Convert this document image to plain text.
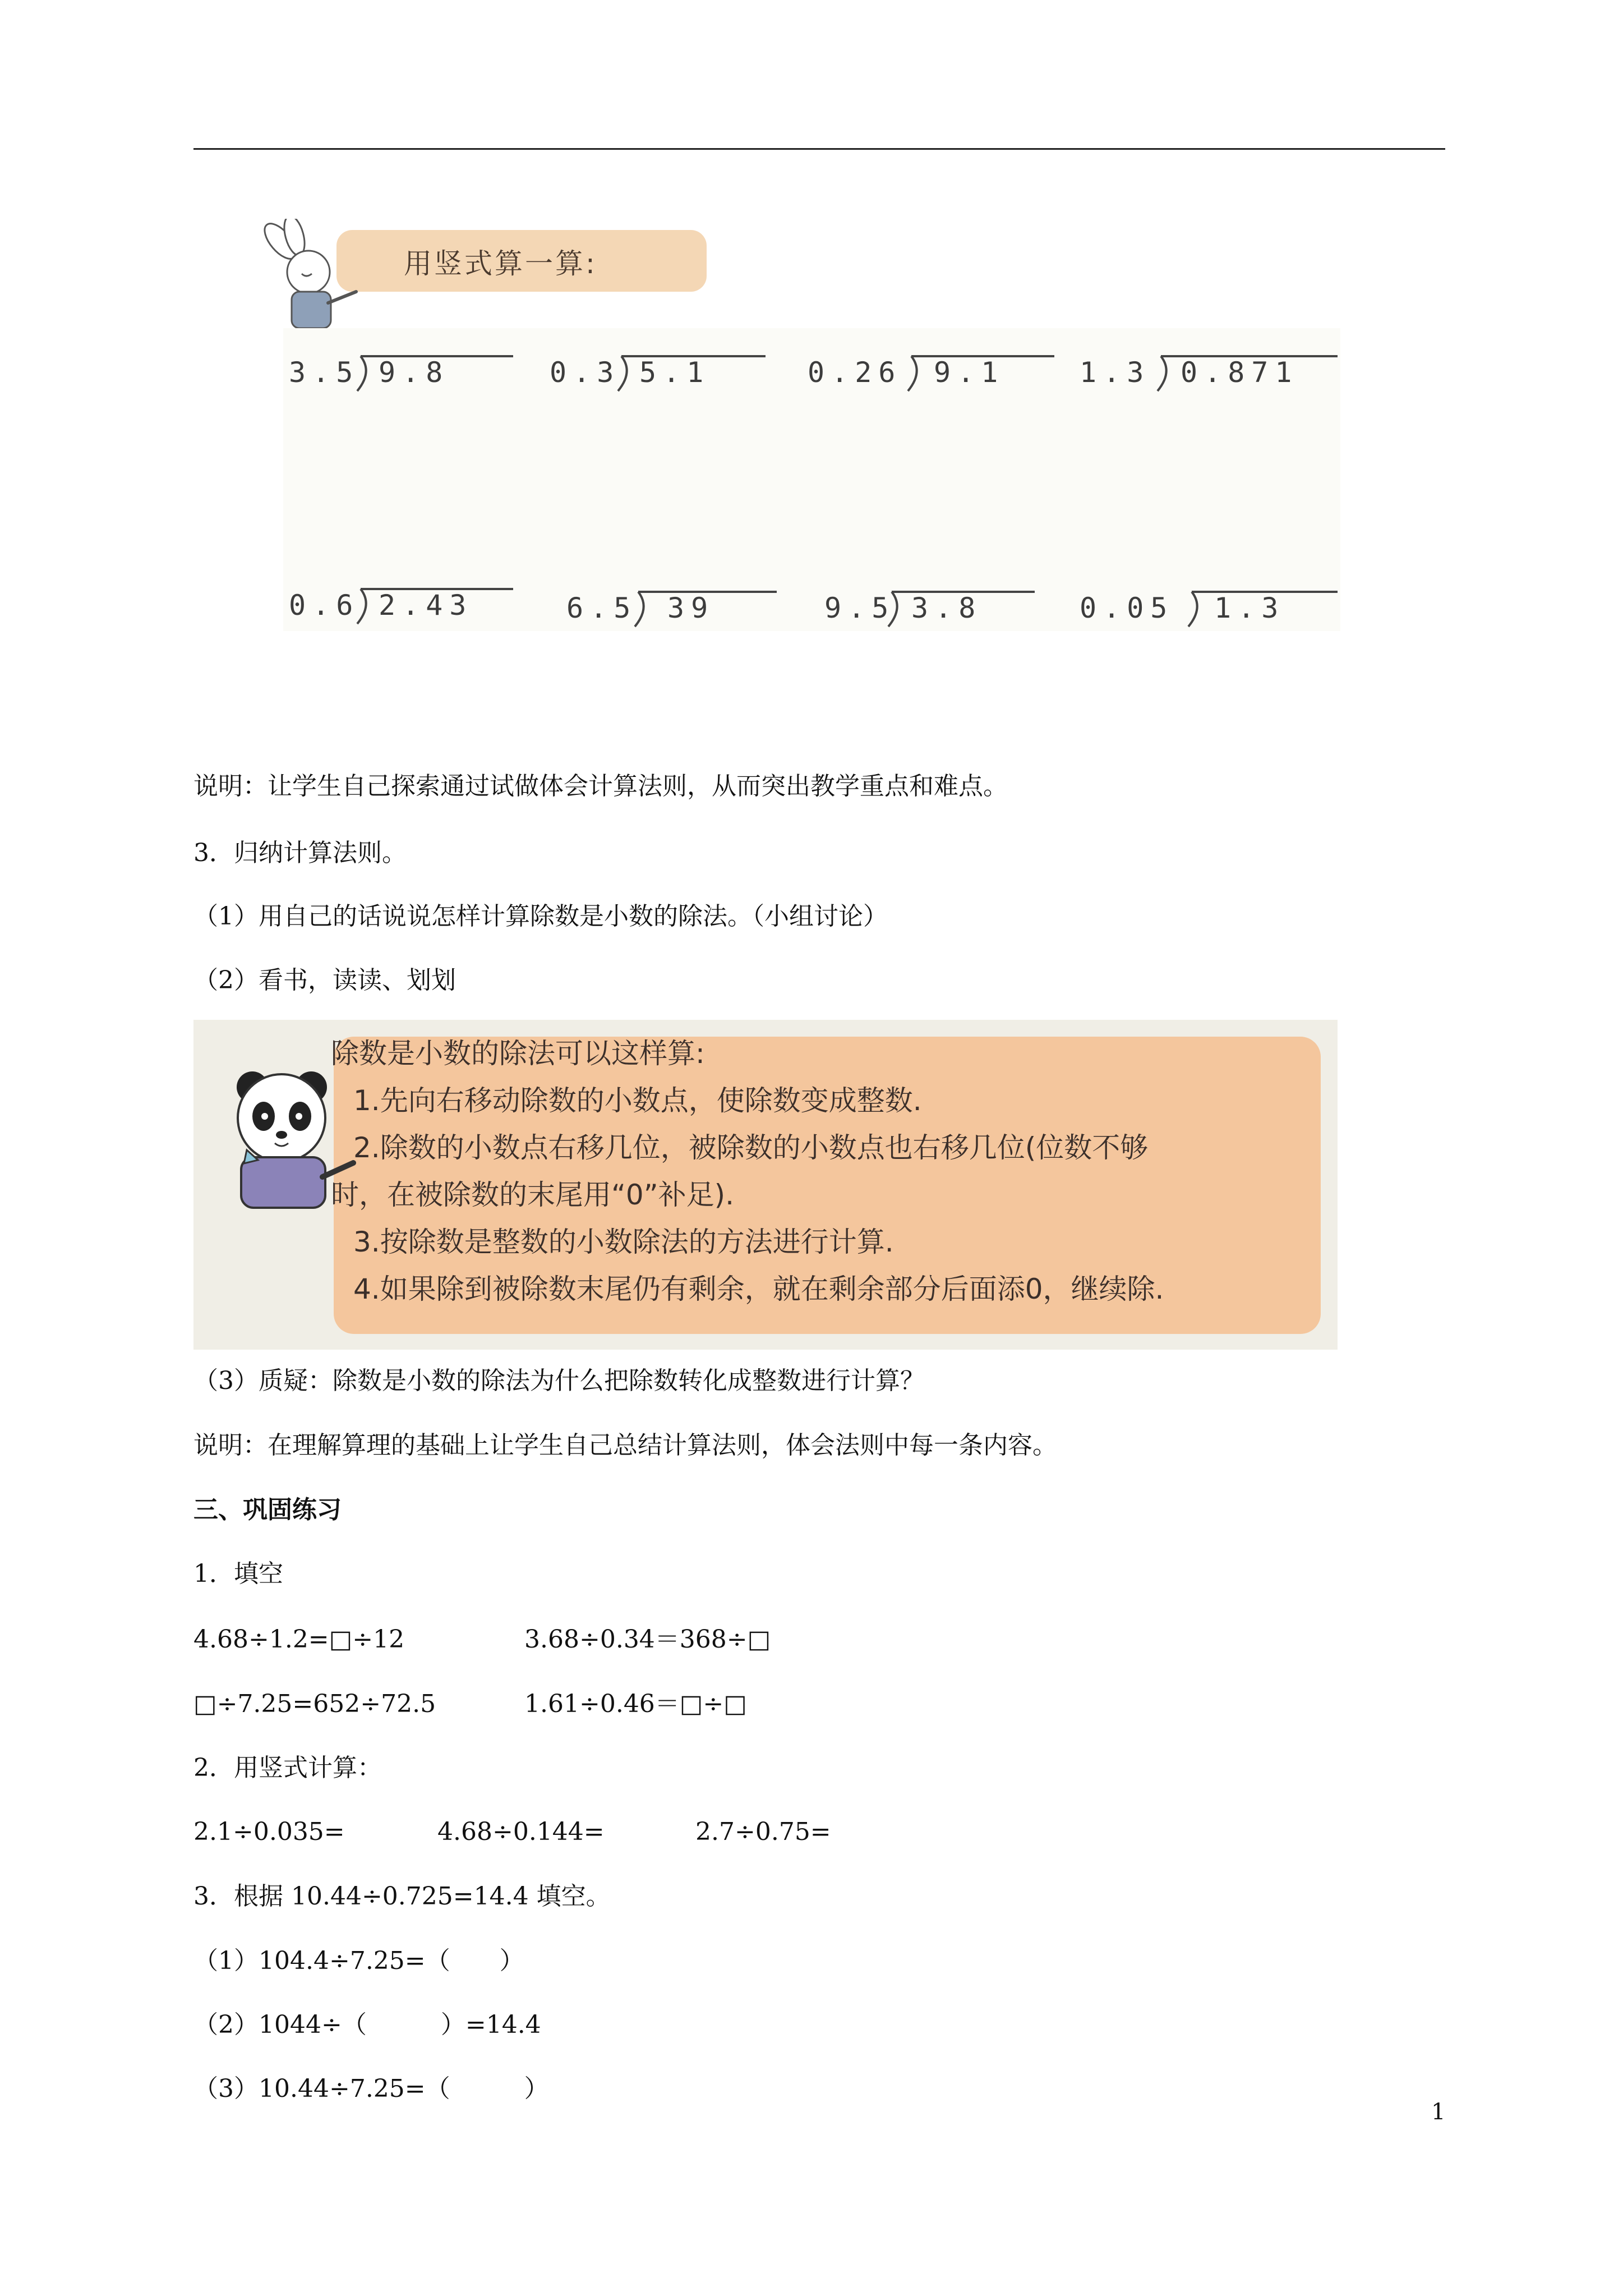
用竖式算一算:
3.5 9.8	0.3 5.1	0.26 9.1	1.3 0.871
0.6 2.43	6.5 39	9.5 3.8	0.05 1.3
说明：让学生自己探索通过试做体会计算法则，从而突出教学重点和难点。
3．归纳计算法则。
（1）用自己的话说说怎样计算除数是小数的除法。（小组讨论）
（2）看书，读读、划划
除数是小数的除法可以这样算:
1.先向右移动除数的小数点，使除数变成整数.
2.除数的小数点右移几位，被除数的小数点也右移几位(位数不够
时，在被除数的末尾用“0”补足).
3.按除数是整数的小数除法的方法进行计算.
4.如果除到被除数末尾仍有剩余，就在剩余部分后面添0，继续除.
（3）质疑：除数是小数的除法为什么把除数转化成整数进行计算？
说明：在理解算理的基础上让学生自己总结计算法则，体会法则中每一条内容。
三、巩固练习
1．填空
4.68÷1.2=□÷12	3.68÷0.34＝368÷□
□÷7.25=652÷72.5	1.61÷0.46＝□÷□
2．用竖式计算：
2.1÷0.035=	4.68÷0.144=	2.7÷0.75=
3．根据 10.44÷0.725=14.4 填空。
（1）104.4÷7.25=（　　）
（2）1044÷（　　　）=14.4
（3）10.44÷7.25=（　　　）
1
